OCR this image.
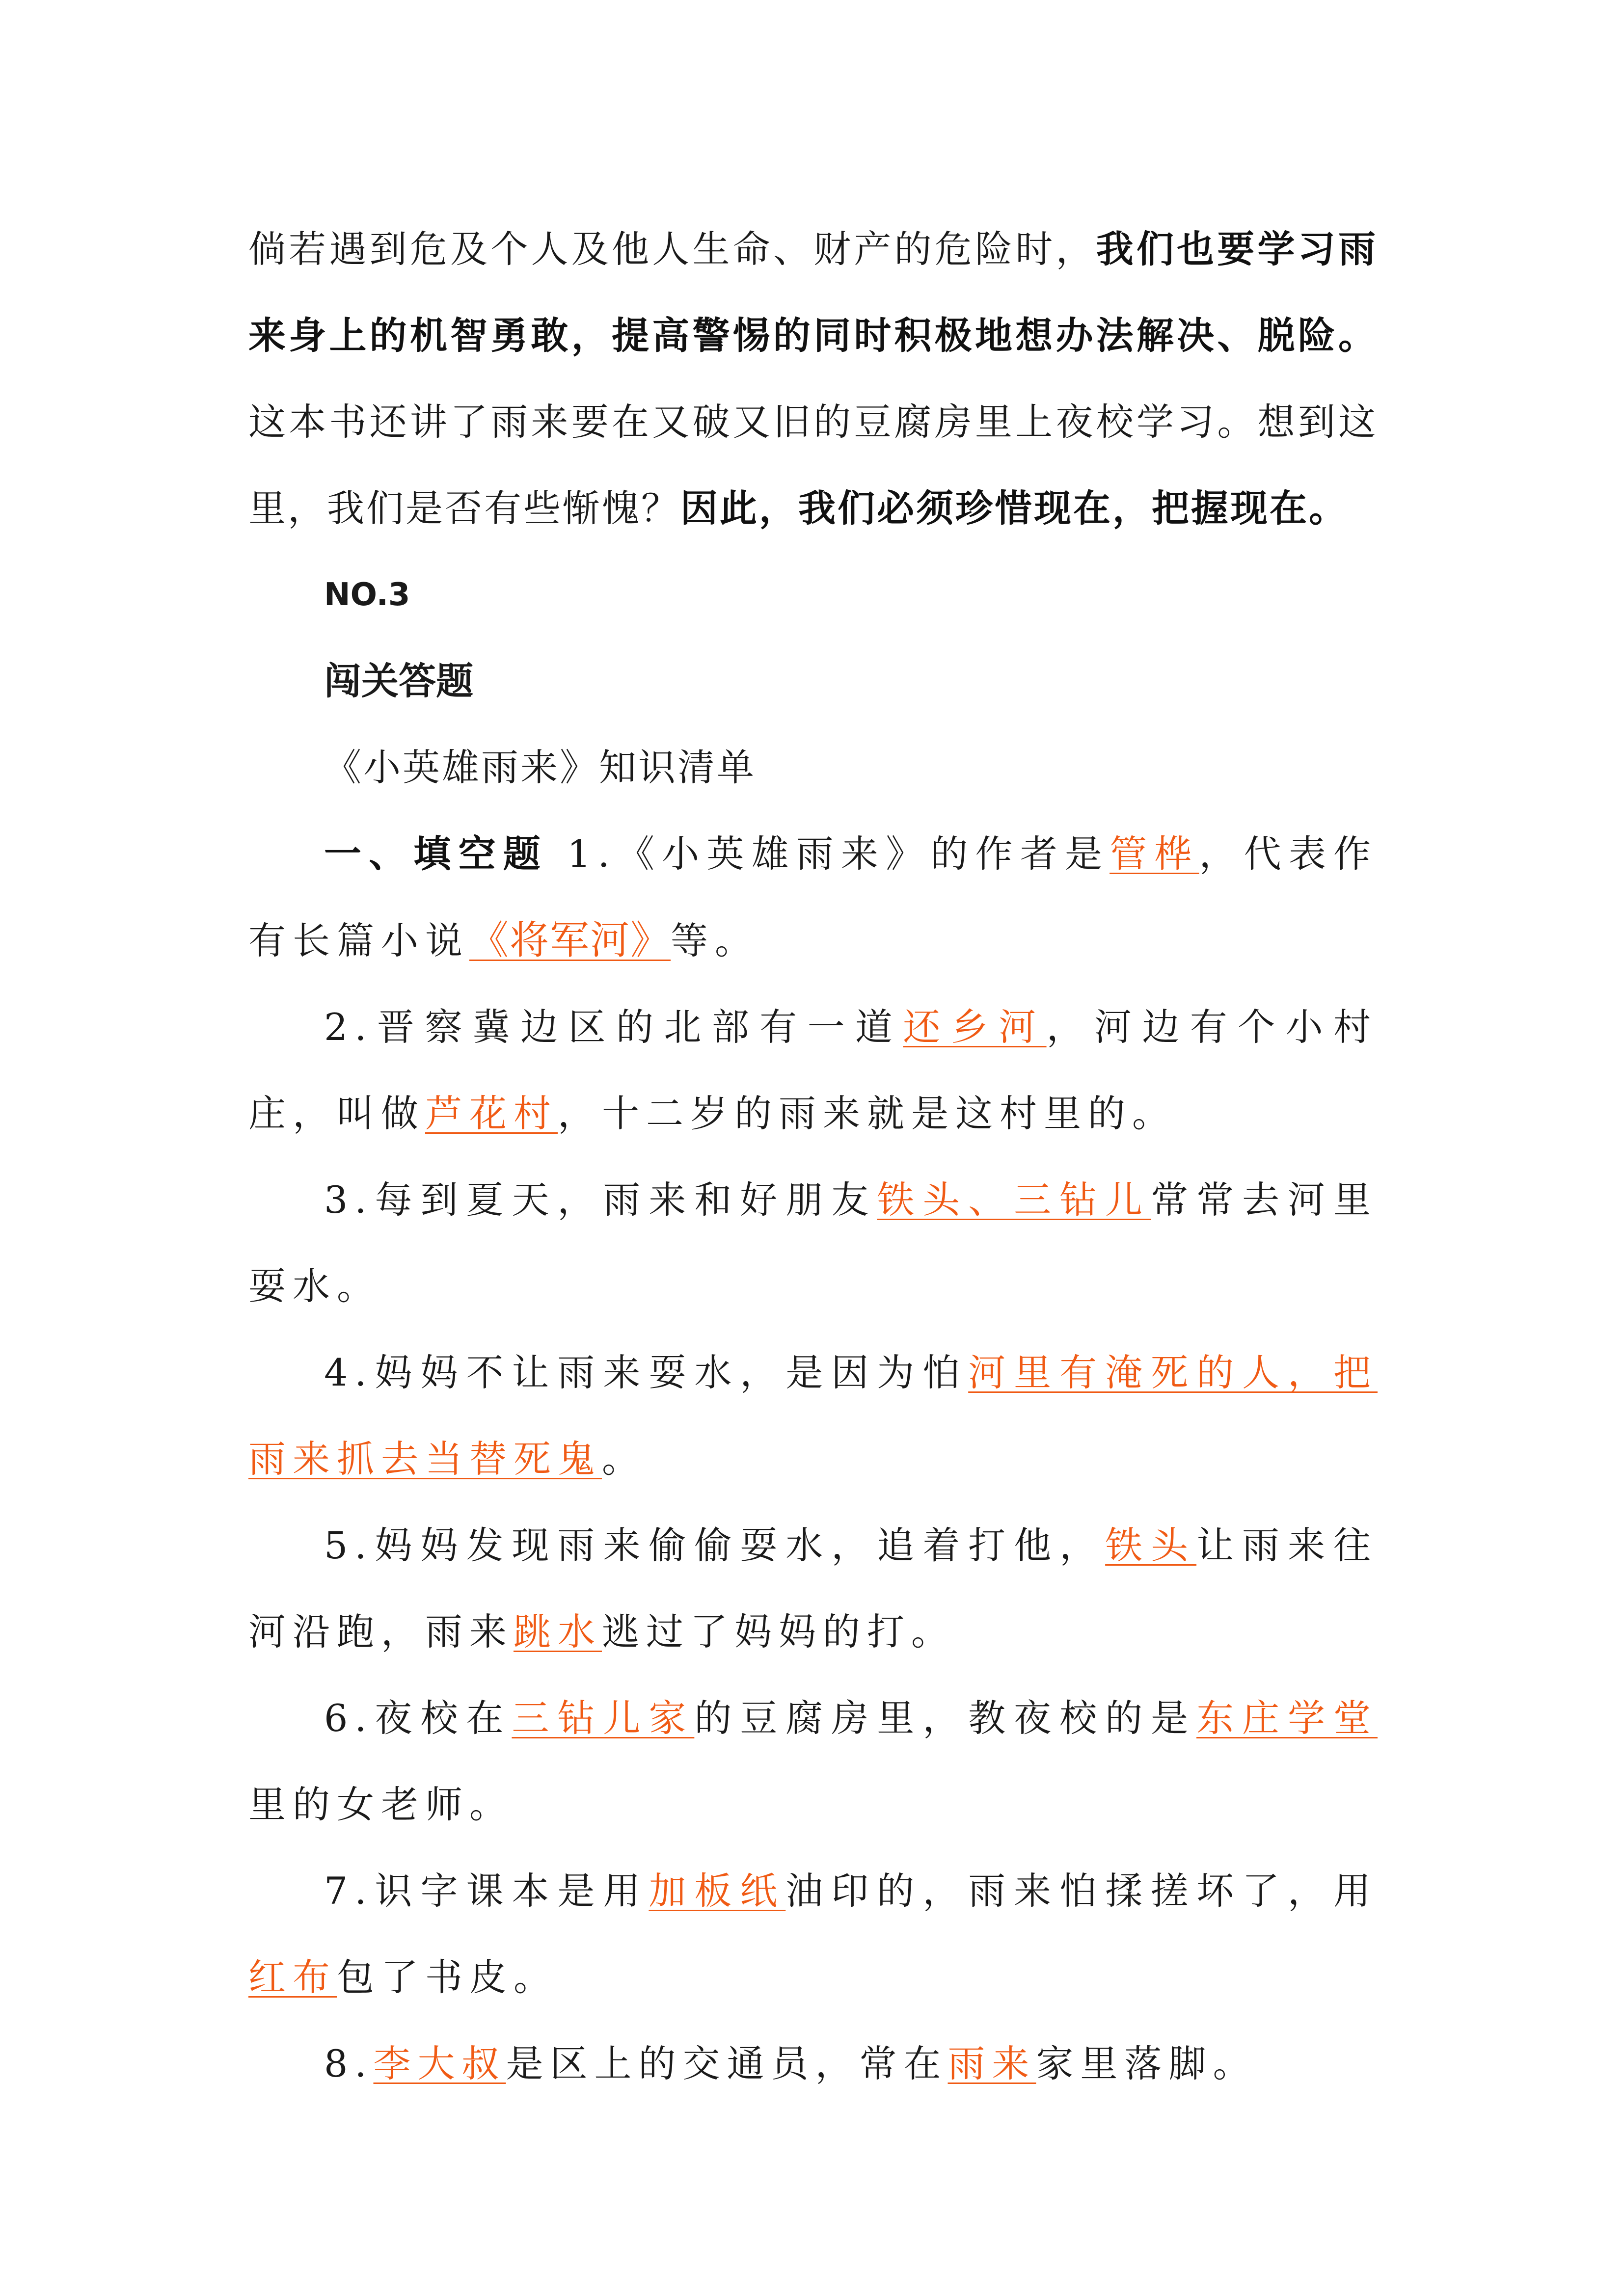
倘若遇到危及个人及他人生命、财产的危险时，我们也要学习雨来身上的机智勇敢，提高警惕的同时积极地想办法解决、脱险。 这本书还讲了雨来要在又破又旧的豆腐房里上夜校学习。想到这里，我们是否有些惭愧？因此，我们必须珍惜现在，把握现在。

NO.3

闯关答题

《小英雄雨来》知识清单

一、填空题 1.《小英雄雨来》的作者是管桦，代表作有长篇小说《将军河》等。

2.晋察冀边区的北部有一道还乡河，河边有个小村庄，叫做芦花村，十二岁的雨来就是这村里的。

3.每到夏天，雨来和好朋友铁头、三钻儿常常去河里耍水。

4.妈妈不让雨来耍水，是因为怕河里有淹死的人，把雨来抓去当替死鬼。

5.妈妈发现雨来偷偷耍水，追着打他，铁头让雨来往河沿跑，雨来跳水逃过了妈妈的打。

6.夜校在三钻儿家的豆腐房里，教夜校的是东庄学堂里的女老师。

7.识字课本是用加板纸油印的，雨来怕揉搓坏了，用红布包了书皮。

8.李大叔是区上的交通员，常在雨来家里落脚。
